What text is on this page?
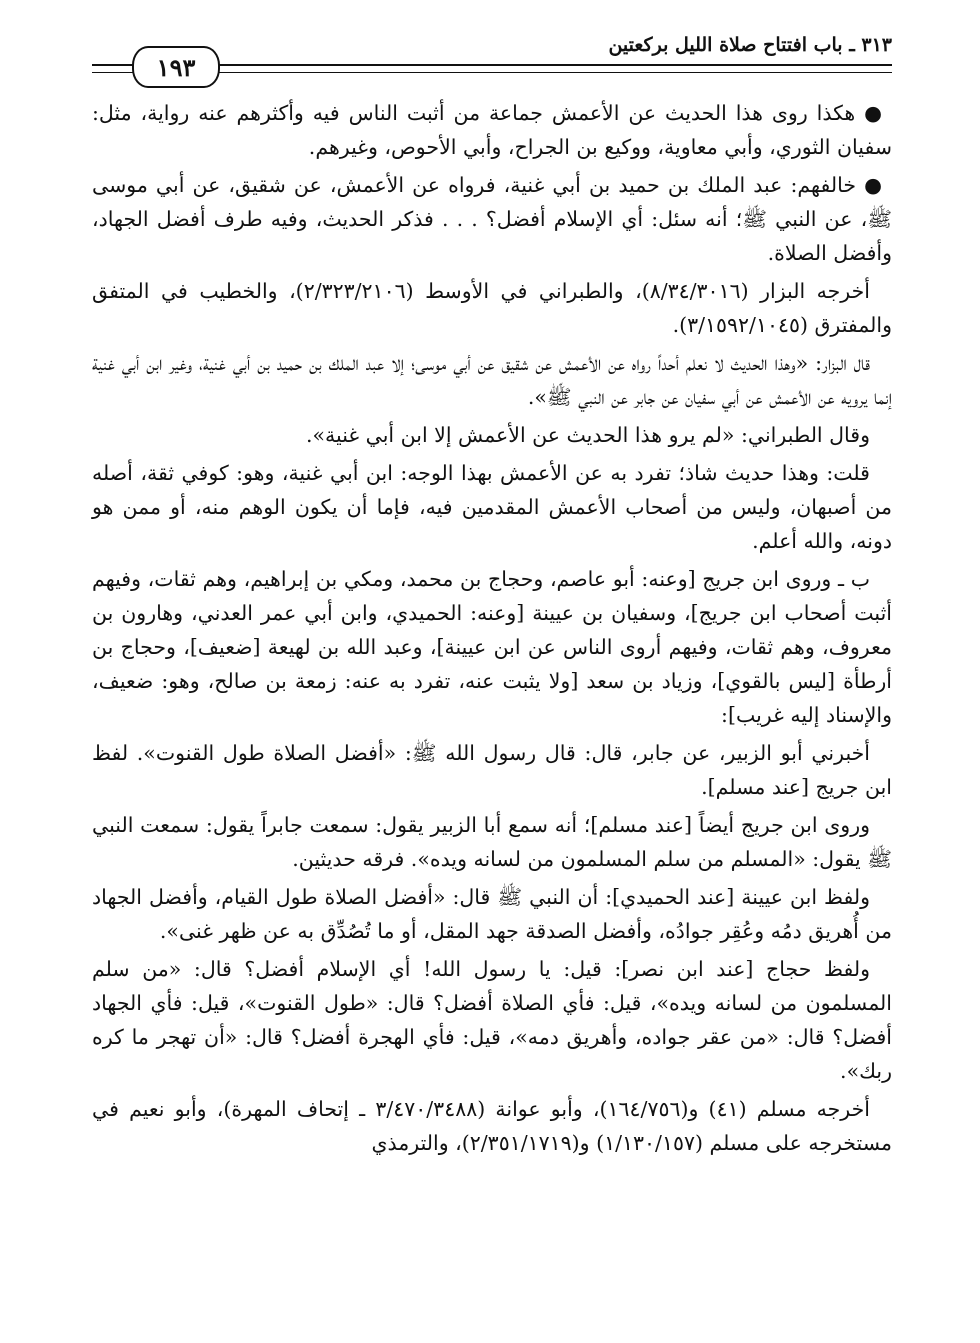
٣١٣ ـ باب افتتاح صلاة الليل بركعتين
١٩٣

● هكذا روى هذا الحديث عن الأعمش جماعة من أثبت الناس فيه وأكثرهم عنه رواية، مثل: سفيان الثوري، وأبي معاوية، ووكيع بن الجراح، وأبي الأحوص، وغيرهم.

● خالفهم: عبد الملك بن حميد بن أبي غنية، فرواه عن الأعمش، عن شقيق، عن أبي موسى ﷺ، عن النبي ﷺ؛ أنه سئل: أي الإسلام أفضل؟ . . . فذكر الحديث، وفيه طرف أفضل الجهاد، وأفضل الصلاة.

أخرجه البزار (٨/٣٤/٣٠١٦)، والطبراني في الأوسط (٢/٣٢٣/٢١٠٦)، والخطيب في المتفق والمفترق (٣/١٥٩٢/١٠٤٥).

قال البزار: «وهذا الحديث لا نعلم أحداً رواه عن الأعمش عن شقيق عن أبي موسى؛ إلا عبد الملك بن حميد بن أبي غنية، وغير ابن أبي غنية إنما يرويه عن الأعمش عن أبي سفيان عن جابر عن النبي ﷺ».

وقال الطبراني: «لم يرو هذا الحديث عن الأعمش إلا ابن أبي غنية».

قلت: وهذا حديث شاذ؛ تفرد به عن الأعمش بهذا الوجه: ابن أبي غنية، وهو: كوفي ثقة، أصله من أصبهان، وليس من أصحاب الأعمش المقدمين فيه، فإما أن يكون الوهم منه، أو ممن هو دونه، والله أعلم.

ب ـ وروى ابن جريج [وعنه: أبو عاصم، وحجاج بن محمد، ومكي بن إبراهيم، وهم ثقات، وفيهم أثبت أصحاب ابن جريج]، وسفيان بن عيينة [وعنه: الحميدي، وابن أبي عمر العدني، وهارون بن معروف، وهم ثقات، وفيهم أروى الناس عن ابن عيينة]، وعبد الله بن لهيعة [ضعيف]، وحجاج بن أرطأة [ليس بالقوي]، وزياد بن سعد [ولا يثبت عنه، تفرد به عنه: زمعة بن صالح، وهو: ضعيف، والإسناد إليه غريب]:

أخبرني أبو الزبير، عن جابر، قال: قال رسول الله ﷺ: «أفضل الصلاة طول القنوت». لفظ ابن جريج [عند مسلم].

وروى ابن جريج أيضاً [عند مسلم]؛ أنه سمع أبا الزبير يقول: سمعت جابراً يقول: سمعت النبي ﷺ يقول: «المسلم من سلم المسلمون من لسانه ويده». فرقه حديثين.

ولفظ ابن عيينة [عند الحميدي]: أن النبي ﷺ قال: «أفضل الصلاة طول القيام، وأفضل الجهاد من أُهريق دمُه وعُقِر جوادُه، وأفضل الصدقة جهد المقل، أو ما تُصُدِّق به عن ظهر غنى».

ولفظ حجاج [عند ابن نصر]: قيل: يا رسول الله! أي الإسلام أفضل؟ قال: «من سلم المسلمون من لسانه ويده»، قيل: فأي الصلاة أفضل؟ قال: «طول القنوت»، قيل: فأي الجهاد أفضل؟ قال: «من عقر جواده، وأهريق دمه»، قيل: فأي الهجرة أفضل؟ قال: «أن تهجر ما كره ربك».

أخرجه مسلم (٤١) و(١٦٤/٧٥٦)، وأبو عوانة (٣/٤٧٠/٣٤٨٨ ـ إتحاف المهرة)، وأبو نعيم في مستخرجه على مسلم (١/١٣٠/١٥٧) و(٢/٣٥١/١٧١٩)، والترمذي
